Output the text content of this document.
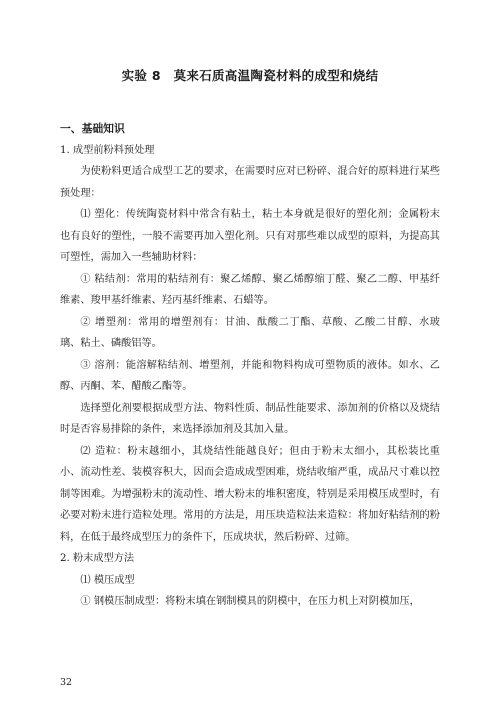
实验 8　莫来石质高温陶瓷材料的成型和烧结

一、基础知识

1. 成型前粉料预处理

为使粉料更适合成型工艺的要求，在需要时应对已粉碎、混合好的原料进行某些预处理：

⑴ 塑化：传统陶瓷材料中常含有粘土，粘土本身就是很好的塑化剂；金属粉末也有良好的塑性，一般不需要再加入塑化剂。只有对那些难以成型的原料，为提高其可塑性，需加入一些辅助材料：

① 粘结剂：常用的粘结剂有：聚乙烯醇、聚乙烯醇缩丁醛、聚乙二醇、甲基纤维素、羧甲基纤维素、羟丙基纤维素、石蜡等。

② 增塑剂：常用的增塑剂有：甘油、酞酸二丁酯、草酸、乙酸二甘醇、水玻璃、粘土、磷酸铝等。

③ 溶剂：能溶解粘结剂、增塑剂，并能和物料构成可塑物质的液体。如水、乙醇、丙酮、苯、醋酸乙酯等。

选择塑化剂要根据成型方法、物料性质、制品性能要求、添加剂的价格以及烧结时是否容易排除的条件，来选择添加剂及其加入量。

⑵ 造粒：粉末越细小，其烧结性能越良好；但由于粉末太细小，其松装比重小、流动性差、装模容积大，因而会造成成型困难，烧结收缩严重，成品尺寸难以控制等困难。为增强粉末的流动性、增大粉末的堆积密度，特别是采用模压成型时，有必要对粉末进行造粒处理。常用的方法是，用压块造粒法来造粒：将加好粘结剂的粉料，在低于最终成型压力的条件下，压成块状，然后粉碎、过筛。

2. 粉末成型方法

⑴ 模压成型

① 钢模压制成型：将粉末填在钢制模具的阴模中，在压力机上对阴模加压，

32
